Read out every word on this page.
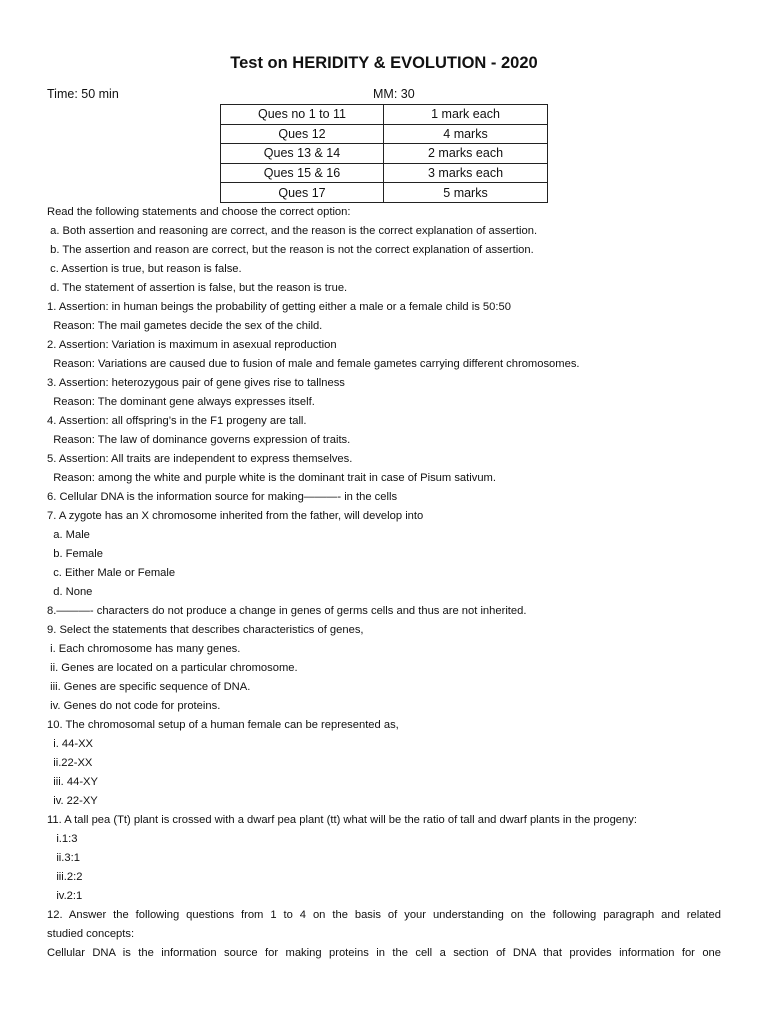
Test on HERIDITY & EVOLUTION - 2020
Time: 50 min	MM: 30
Ques no 1 to 11	1 mark each
Ques 12	4 marks
Ques 13 & 14	2 marks each
Ques 15 & 16	3 marks each
Ques 17	5 marks
Read the following statements and choose the correct option:
a. Both assertion and reasoning are correct, and the reason is the correct explanation of assertion.
b. The assertion and reason are correct, but the reason is not the correct explanation of assertion.
c. Assertion is true, but reason is false.
d. The statement of assertion is false, but the reason is true.
1. Assertion: in human beings the probability of getting either a male or a female child is 50:50
Reason: The mail gametes decide the sex of the child.
2. Assertion: Variation is maximum in asexual reproduction
Reason: Variations are caused due to fusion of male and female gametes carrying different chromosomes.
3. Assertion: heterozygous pair of gene gives rise to tallness
Reason: The dominant gene always expresses itself.
4. Assertion: all offspring’s in the F1 progeny are tall.
Reason: The law of dominance governs expression of traits.
5. Assertion: All traits are independent to express themselves.
Reason: among the white and purple white is the dominant trait in case of Pisum sativum.
6. Cellular DNA is the information source for making———- in the cells
7. A zygote has an X chromosome inherited from the father, will develop into
a. Male
b. Female
c. Either Male or Female
d. None
8.———- characters do not produce a change in genes of germs cells and thus are not inherited.
9. Select the statements that describes characteristics of genes,
i. Each chromosome has many genes.
ii. Genes are located on a particular chromosome.
iii. Genes are specific sequence of DNA.
iv. Genes do not code for proteins.
10. The chromosomal setup of a human female can be represented as,
i. 44-XX
ii.22-XX
iii. 44-XY
iv. 22-XY
11. A tall pea (Tt) plant is crossed with a dwarf pea plant (tt) what will be the ratio of tall and dwarf plants in the progeny:
i.1:3
ii.3:1
iii.2:2
iv.2:1
12. Answer the following questions from 1 to 4 on the basis of your understanding on the following paragraph and related
studied concepts:
Cellular DNA is the information source for making proteins in the cell a section of DNA that provides information for one
